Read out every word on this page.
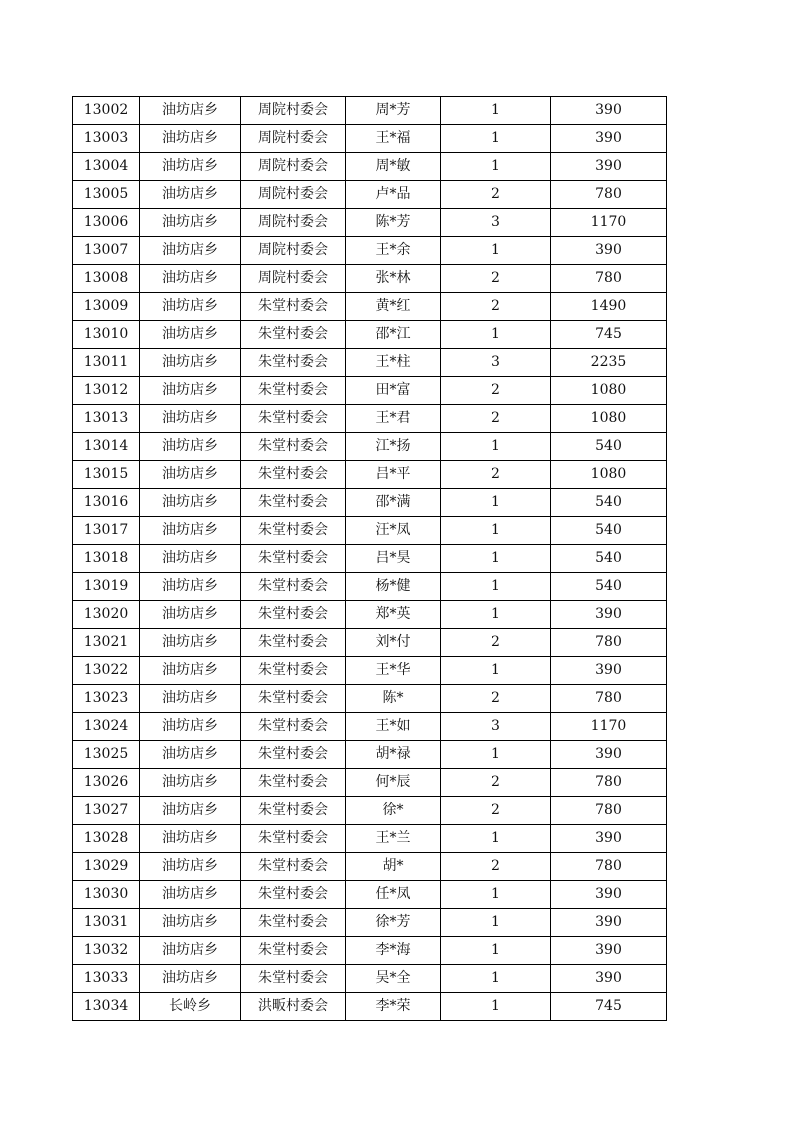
13002	油坊店乡	周院村委会	周*芳	1	390
13003	油坊店乡	周院村委会	王*福	1	390
13004	油坊店乡	周院村委会	周*敏	1	390
13005	油坊店乡	周院村委会	卢*品	2	780
13006	油坊店乡	周院村委会	陈*芳	3	1170
13007	油坊店乡	周院村委会	王*余	1	390
13008	油坊店乡	周院村委会	张*林	2	780
13009	油坊店乡	朱堂村委会	黄*红	2	1490
13010	油坊店乡	朱堂村委会	邵*江	1	745
13011	油坊店乡	朱堂村委会	王*柱	3	2235
13012	油坊店乡	朱堂村委会	田*富	2	1080
13013	油坊店乡	朱堂村委会	王*君	2	1080
13014	油坊店乡	朱堂村委会	江*扬	1	540
13015	油坊店乡	朱堂村委会	吕*平	2	1080
13016	油坊店乡	朱堂村委会	邵*满	1	540
13017	油坊店乡	朱堂村委会	汪*凤	1	540
13018	油坊店乡	朱堂村委会	吕*昊	1	540
13019	油坊店乡	朱堂村委会	杨*健	1	540
13020	油坊店乡	朱堂村委会	郑*英	1	390
13021	油坊店乡	朱堂村委会	刘*付	2	780
13022	油坊店乡	朱堂村委会	王*华	1	390
13023	油坊店乡	朱堂村委会	陈*	2	780
13024	油坊店乡	朱堂村委会	王*如	3	1170
13025	油坊店乡	朱堂村委会	胡*禄	1	390
13026	油坊店乡	朱堂村委会	何*辰	2	780
13027	油坊店乡	朱堂村委会	徐*	2	780
13028	油坊店乡	朱堂村委会	王*兰	1	390
13029	油坊店乡	朱堂村委会	胡*	2	780
13030	油坊店乡	朱堂村委会	任*凤	1	390
13031	油坊店乡	朱堂村委会	徐*芳	1	390
13032	油坊店乡	朱堂村委会	李*海	1	390
13033	油坊店乡	朱堂村委会	吴*全	1	390
13034	长岭乡	洪畈村委会	李*荣	1	745
